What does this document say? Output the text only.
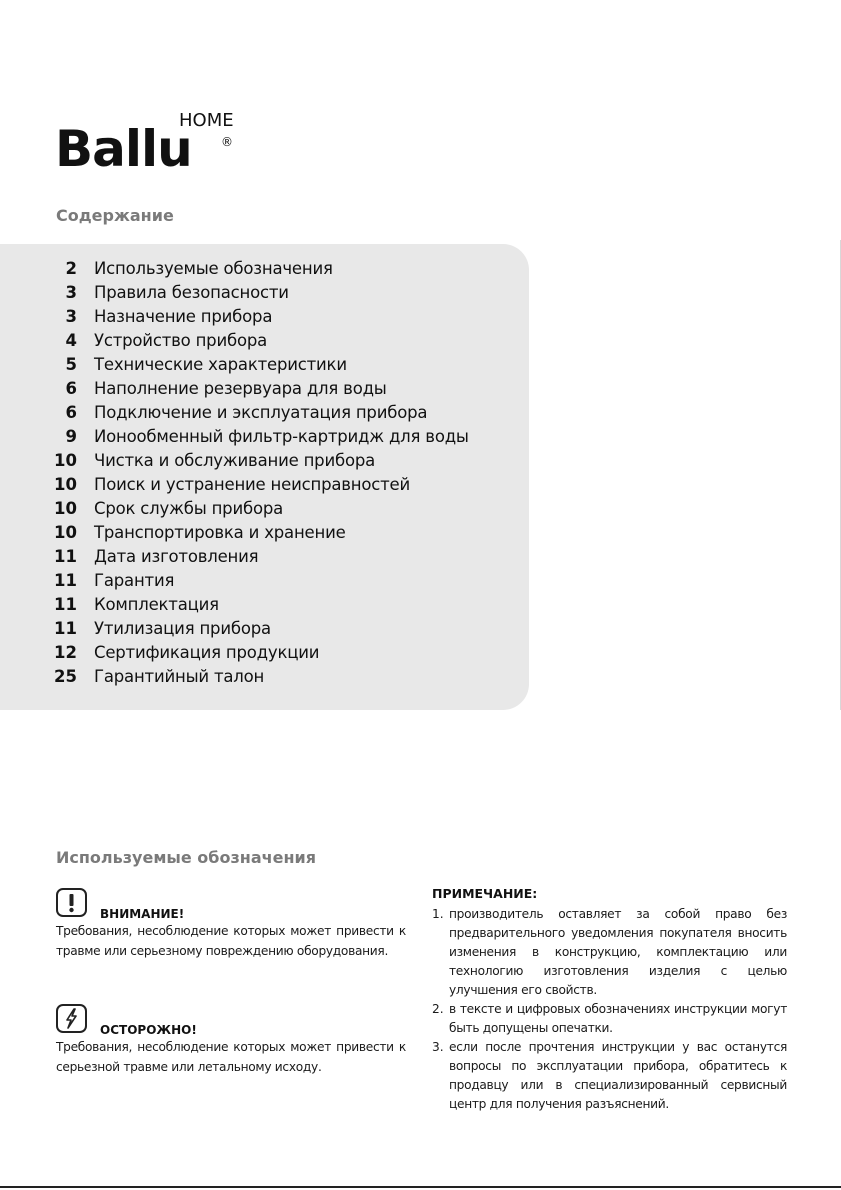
Ballu
HOME
®
Содержание
2 Используемые обозначения
3 Правила безопасности
3 Назначение прибора
4 Устройство прибора
5 Технические характеристики
6 Наполнение резервуара для воды
6 Подключение и эксплуатация прибора
9 Ионообменный фильтр-картридж для воды
10 Чистка и обслуживание прибора
10 Поиск и устранение неисправностей
10 Срок службы прибора
10 Транспортировка и хранение
11 Дата изготовления
11 Гарантия
11 Комплектация
11 Утилизация прибора
12 Сертификация продукции
25 Гарантийный талон
Используемые обозначения
ВНИМАНИЕ!

Требования, несоблюдение которых может привести к травме или серьезному повреждению оборудования.

ОСТОРОЖНО!

Требования, несоблюдение которых может привести к серьезной травме или летальному исходу.

ПРИМЕЧАНИЕ:
1. производитель оставляет за собой право без предварительного уведомления покупателя вносить изменения в конструкцию, комплектацию или технологию изготовления изделия с целью улучшения его свойств.
2. в тексте и цифровых обозначениях инструкции могут быть допущены опечатки.
3. если после прочтения инструкции у вас останутся вопросы по эксплуатации прибора, обратитесь к продавцу или в специализированный сервисный центр для получения разъяснений.
